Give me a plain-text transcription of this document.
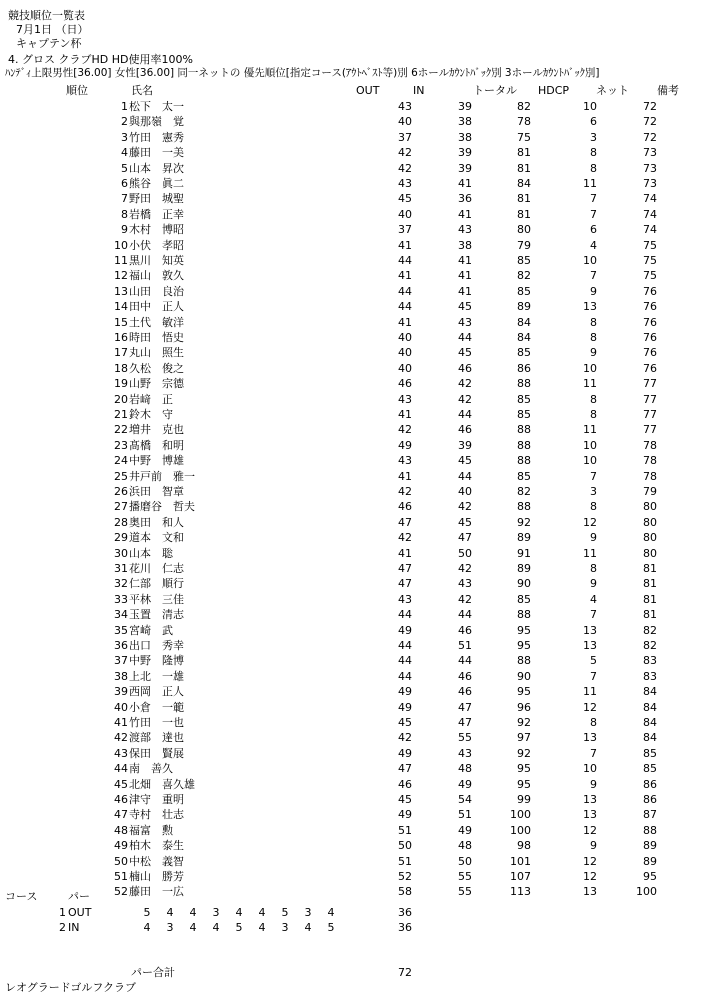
競技順位一覧表
7月1日 （日）
キャプテン杯
4. グロス クラブHD HD使用率100%
ﾊﾝﾃﾞｨ上限男性[36.00] 女性[36.00] 同一ネットの 優先順位[指定コース(ｱｳﾄﾍﾞｽﾄ等)別 6ホールｶｳﾝﾄﾊﾞｯｸ別 3ホールｶｳﾝﾄﾊﾞｯｸ別]
順位	氏名	OUT	IN	トータル HDCP ネット	備考
1 松下　太一	43	39	82	10	72
2 與那嶺　覚	40	38	78	6	72
3 竹田　憲秀	37	38	75	3	72
4 藤田　一美	42	39	81	8	73
5 山本　昇次	42	39	81	8	73
6 熊谷　眞二	43	41	84	11	73
7 野田　城聖	45	36	81	7	74
8 岩橋　正幸	40	41	81	7	74
9 木村　博昭	37	43	80	6	74
10 小伏　孝昭	41	38	79	4	75
11 黒川　知英	44	41	85	10	75
12 福山　敦久	41	41	82	7	75
13 山田　良治	44	41	85	9	76
14 田中　正人	44	45	89	13	76
15 土代　敏洋	41	43	84	8	76
16 時田　悟史	40	44	84	8	76
17 丸山　照生	40	45	85	9	76
18 久松　俊之	40	46	86	10	76
19 山野　宗德	46	42	88	11	77
20 岩﨑　正	43	42	85	8	77
21 鈴木　守	41	44	85	8	77
22 増井　克也	42	46	88	11	77
23 髙橋　和明	49	39	88	10	78
24 中野　博雄	43	45	88	10	78
25 井戸前　雅一	41	44	85	7	78
26 浜田　智章	42	40	82	3	79
27 播磨谷　哲夫	46	42	88	8	80
28 奥田　和人	47	45	92	12	80
29 道本　文和	42	47	89	9	80
30 山本　聡	41	50	91	11	80
31 花川　仁志	47	42	89	8	81
32 仁部　順行	47	43	90	9	81
33 平林　三佳	43	42	85	4	81
34 玉置　清志	44	44	88	7	81
35 宮崎　武	49	46	95	13	82
36 出口　秀幸	44	51	95	13	82
37 中野　隆博	44	44	88	5	83
38 上北　一雄	44	46	90	7	83
39 西岡　正人	49	46	95	11	84
40 小倉　一範	49	47	96	12	84
41 竹田　一也	45	47	92	8	84
42 渡部　達也	42	55	97	13	84
43 保田　賢展	49	43	92	7	85
44 南　善久	47	48	95	10	85
45 北畑　喜久雄	46	49	95	9	86
46 津守　重明	45	54	99	13	86
47 寺村　壮志	49	51	100	13	87
48 福富　勲	51	49	100	12	88
49 柏木　泰生	50	48	98	9	89
50 中松　義智	51	50	101	12	89
51 楠山　勝芳	52	55	107	12	95
52 藤田　一広	58	55	113	13	100
コース	パー
1 OUT	5 4 4 3 4 4 5 3 4	36
2 IN	4 3 4 4 5 4 3 4 5	36
パー合計	72
レオグラードゴルフクラブ
